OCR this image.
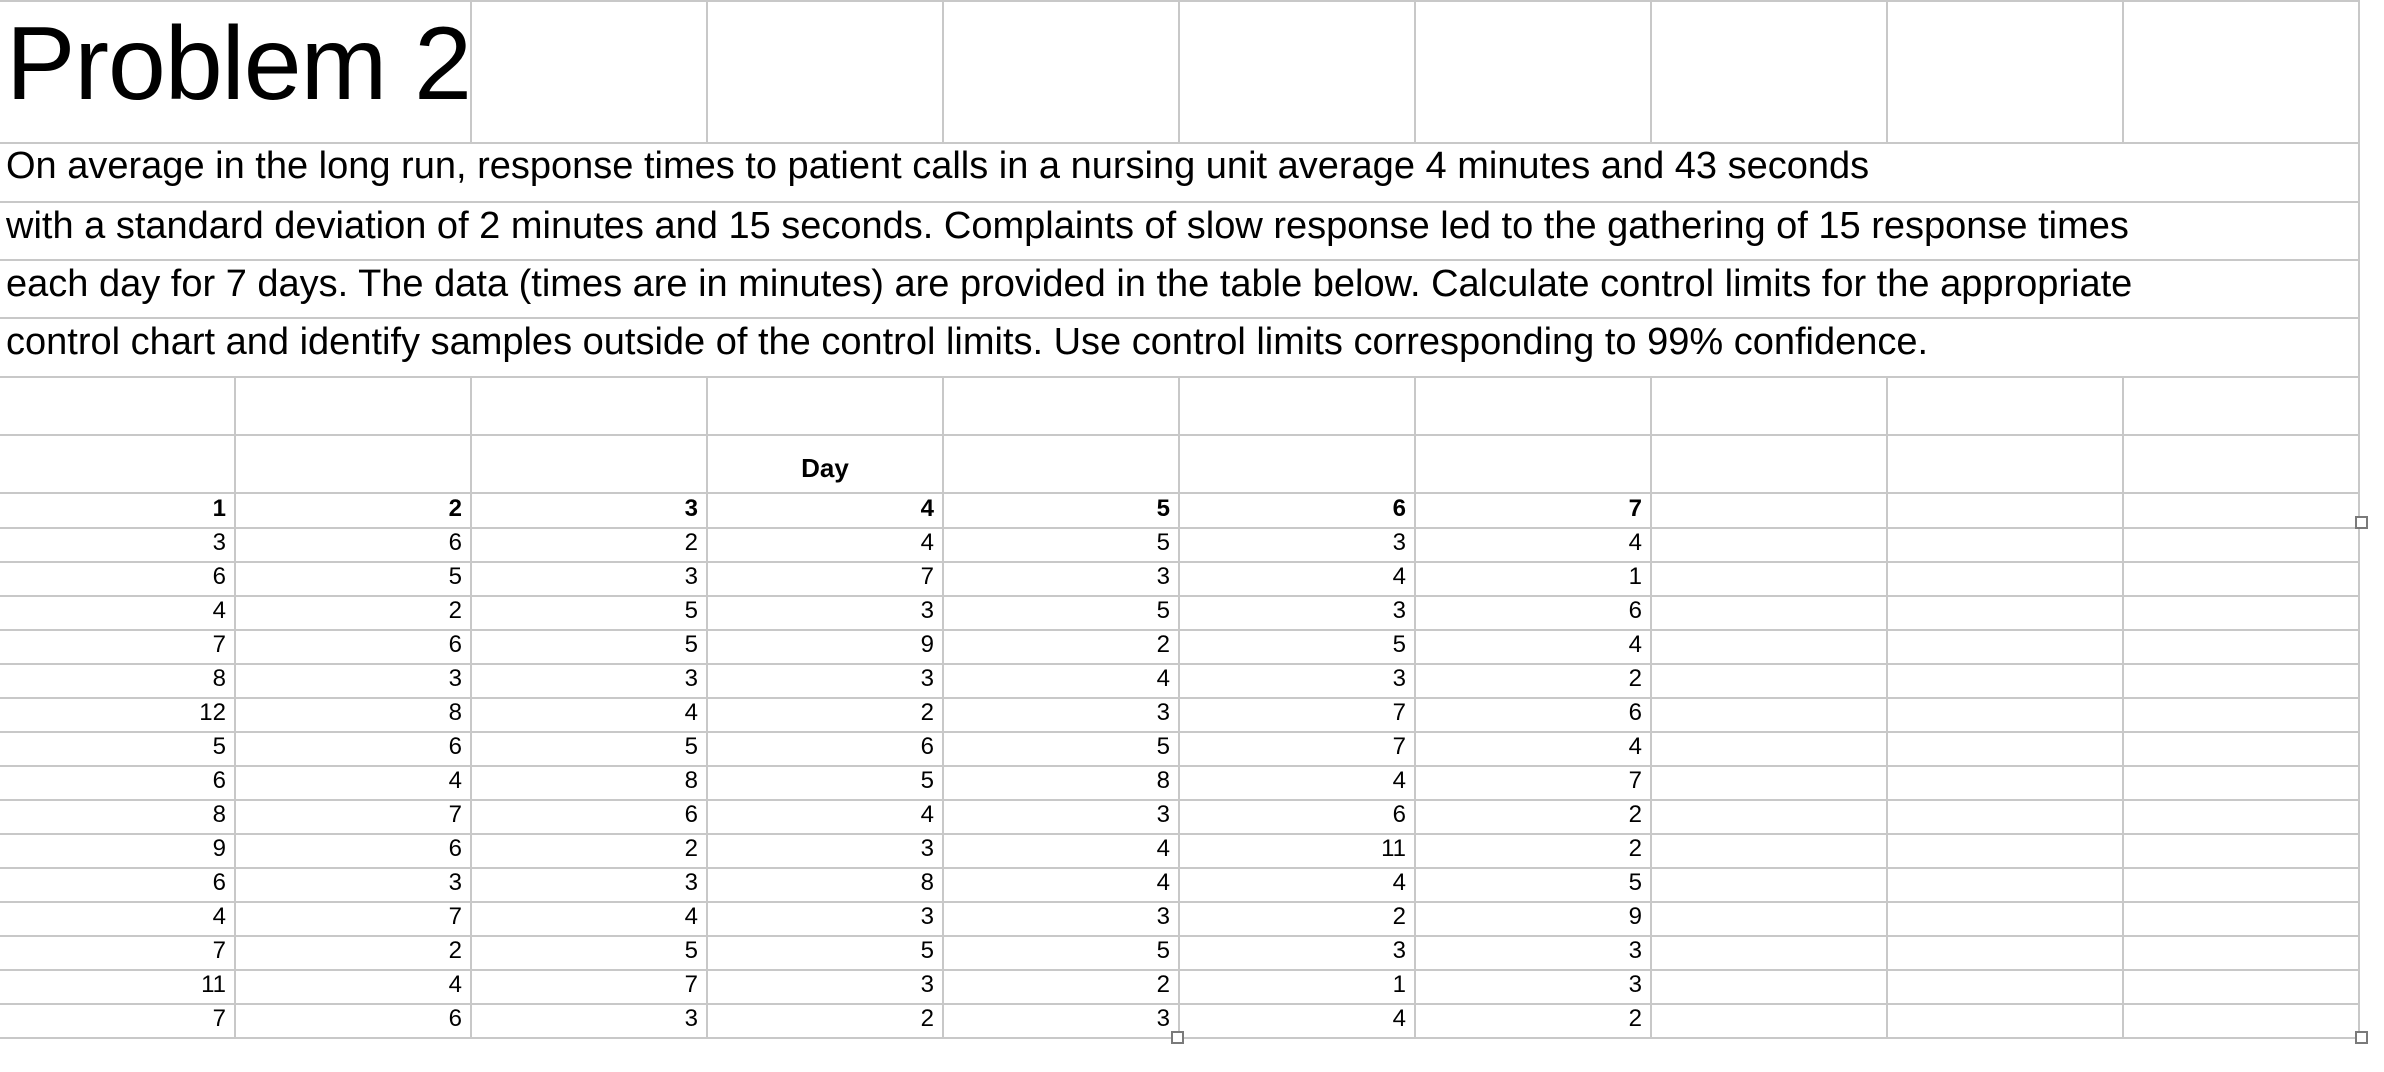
Problem 2
On average in the long run, response times to patient calls in a nursing unit average 4 minutes and 43 seconds
with a standard deviation of 2 minutes and 15 seconds. Complaints of slow response led to the gathering of 15 response times
each day for 7 days. The data (times are in minutes) are provided in the table below. Calculate control limits for the appropriate
control chart and identify samples outside of the control limits. Use control limits corresponding to 99% confidence.
Day
1	2	3	4	5	6	7
3	6	2	4	5	3	4
6	5	3	7	3	4	1
4	2	5	3	5	3	6
7	6	5	9	2	5	4
8	3	3	3	4	3	2
12	8	4	2	3	7	6
5	6	5	6	5	7	4
6	4	8	5	8	4	7
8	7	6	4	3	6	2
9	6	2	3	4	11	2
6	3	3	8	4	4	5
4	7	4	3	3	2	9
7	2	5	5	5	3	3
11	4	7	3	2	1	3
7	6	3	2	3	4	2
